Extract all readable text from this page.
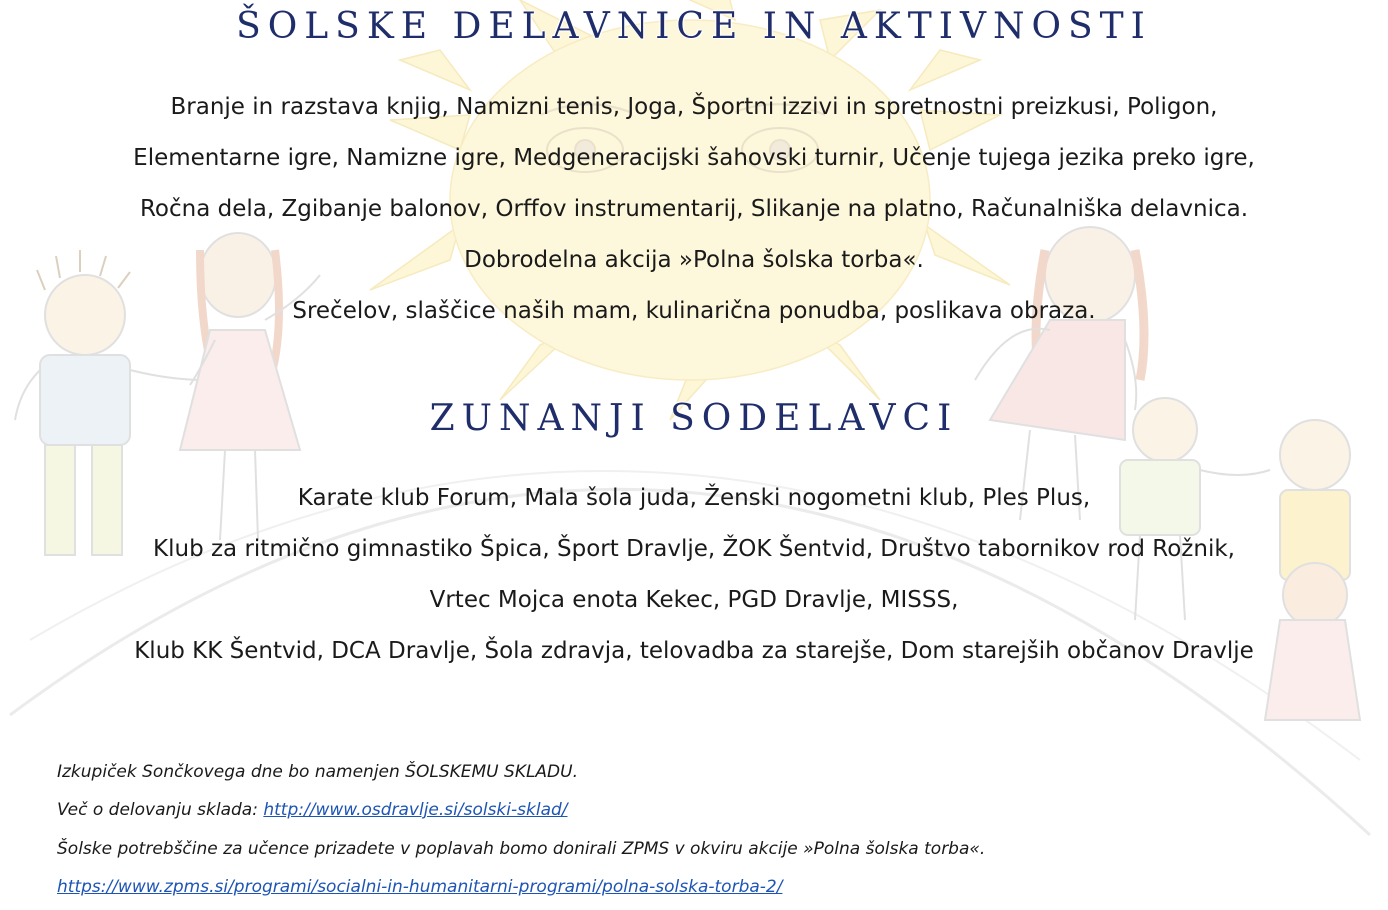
ŠOLSKE DELAVNICE IN AKTIVNOSTI

Branje in razstava knjig, Namizni tenis, Joga, Športni izzivi in spretnostni preizkusi, Poligon,

Elementarne igre, Namizne igre, Medgeneracijski šahovski turnir, Učenje tujega jezika preko igre,

Ročna dela, Zgibanje balonov, Orffov instrumentarij, Slikanje na platno, Računalniška delavnica.

Dobrodelna akcija »Polna šolska torba«.

Srečelov, slaščice naših mam, kulinarična ponudba, poslikava obraza.

ZUNANJI SODELAVCI

Karate klub Forum, Mala šola juda, Ženski nogometni klub, Ples Plus,

Klub za ritmično gimnastiko Špica, Šport Dravlje, ŽOK Šentvid, Društvo tabornikov rod Rožnik,

Vrtec Mojca enota Kekec, PGD Dravlje, MISSS,

Klub KK Šentvid, DCA Dravlje, Šola zdravja, telovadba za starejše, Dom starejših občanov Dravlje

Izkupiček Sončkovega dne bo namenjen ŠOLSKEMU SKLADU.

Več o delovanju sklada: http://www.osdravlje.si/solski-sklad/

Šolske potrebščine za učence prizadete v poplavah bomo donirali ZPMS v okviru akcije »Polna šolska torba«.

https://www.zpms.si/programi/socialni-in-humanitarni-programi/polna-solska-torba-2/
